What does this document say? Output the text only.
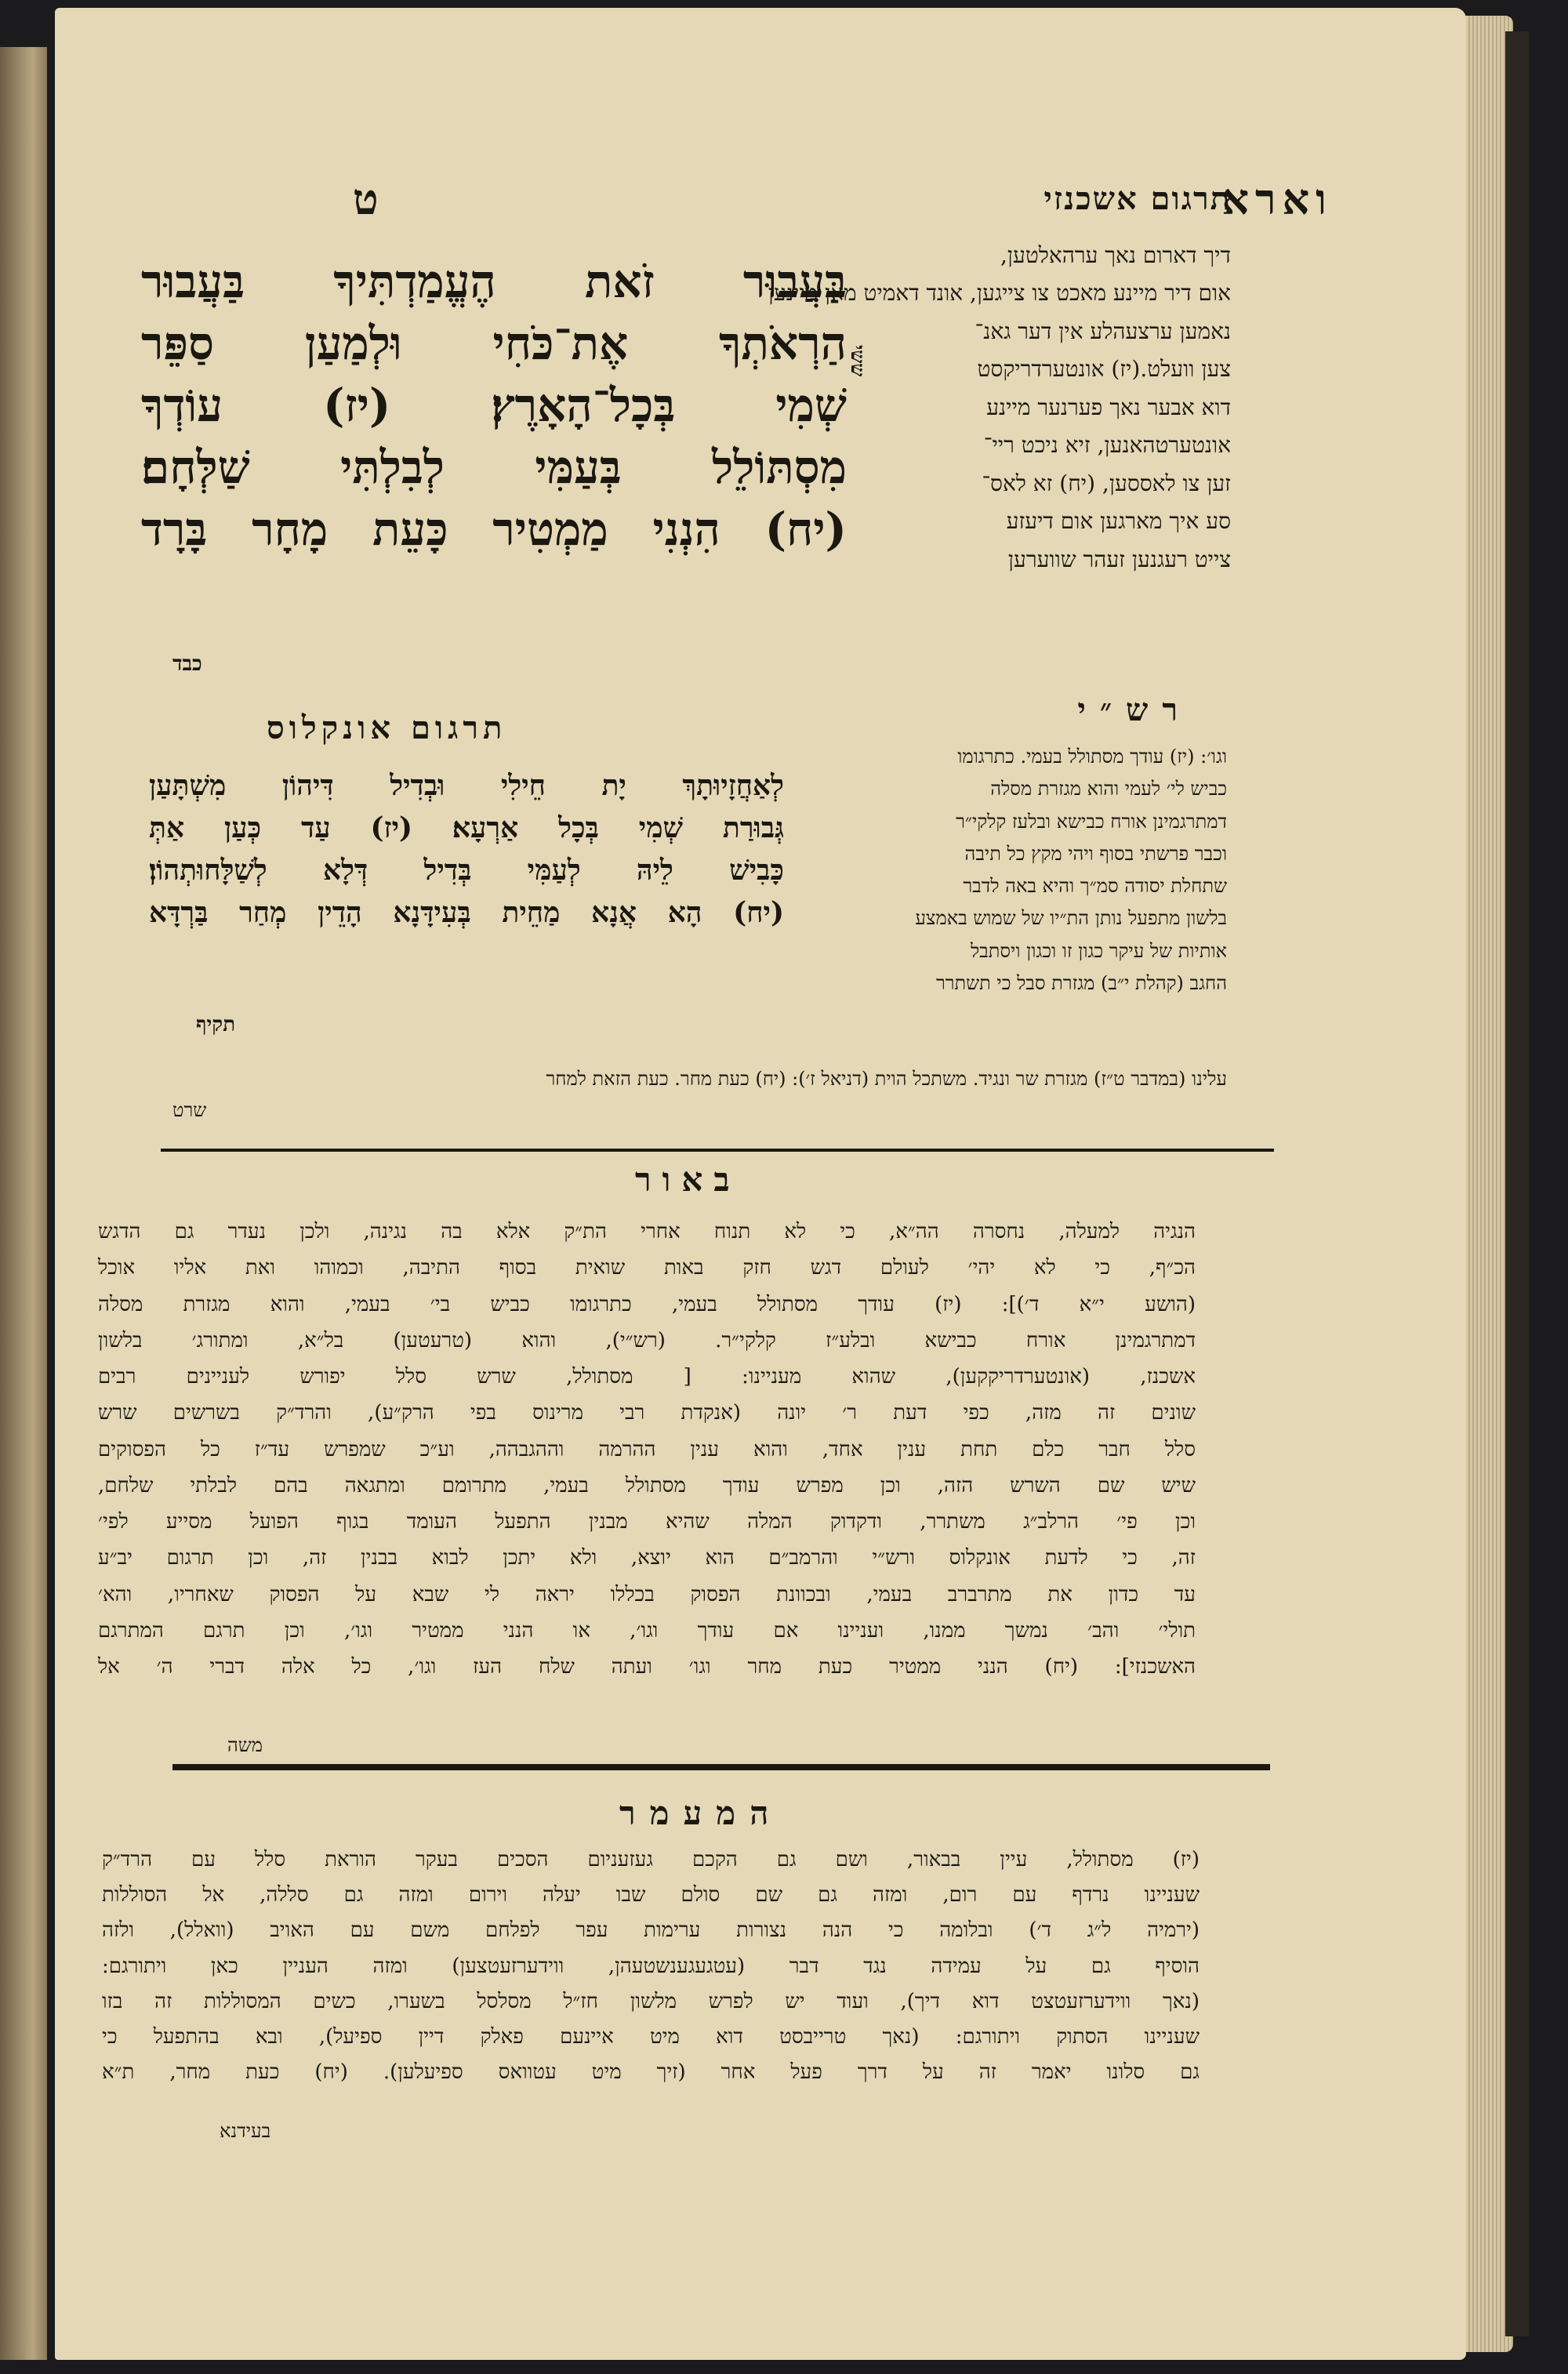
וארא
ט
בַּעֲבוּר זֹאת הֶעֱמַדְתִּיךָ בַּעֲבוּר
הַרְאֹתְךָ אֶת־כֹּחִי וּלְמַעַן סַפֵּר
שְׁמִי בְּכָל־הָאָרֶץ׃ (יז) עוֹדְךָ
מִסְתּוֹלֵל בְּעַמִּי לְבִלְתִּי שַׁלְּחָם׃
(יח) הִנְנִי מַמְטִיר כָּעֵת מָחָר בָּרָד
כבד
ששי
תרגום אשכנזי
דיך דארום נאך ערהאלטען,
אום דיר מיינע מאכט צו צייגען, אונד דאמיט מאן מיינען
נאמען ערצעהלע אין דער גאנ־
צען וועלט.(יז) אונטערדריקסט
דוא אבער נאך פערנער מיינע
אונטערטהאנען, זיא ניכט ריי־
זען צו לאססען, (יח) זא לאס־
סע איך מארגען אום דיעזע
צייט רעגנען זעהר שווערען
תרגום אונקלוס
לְאַחֲזָיוּתָךְ יָת חֵילִי וּבְדִיל דִּיהוֹן מִשְׁתָּעַן
גְּבוּרַת שְׁמִי בְּכָל אַרְעָא׃ (יז) עַד כְּעַן אַתְּ
כָּבִישׁ לֵיהּ לְעַמִּי בְּדִיל דְּלָא לְשַׁלָּחוּתְהוֹן׃
(יח) הָא אֲנָא מַחֵית בְּעִידָּנָא הָדֵין מְחַר בַּרְדָּא
תקיף
רש״י
וגו׳: (יז) עודך מסתולל בעמי. כתרגומו
כביש לי׳ לעמי והוא מגזרת מסלה
דמתרגמינן אורח כבישא ובלעז קלקי״ר
וכבר פרשתי בסוף ויהי מקץ כל תיבה
שתחלת יסודה סמ״ך והיא באה לדבר
בלשון מתפעל נותן הת״יו של שמוש באמצע
אותיות של עיקר כגון זו וכגון ויסתבל
החגב (קהלת י״ב) מגזרת סבל כי תשתרר
עלינו (במדבר ט״ז) מגזרת שר ונגיד. משתכל הוית (דניאל ז׳): (יח) כעת מחר. כעת הזאת למחר
שרט
באור
הנגיה למעלה, נחסרה הה״א, כי לא תנוח אחרי הת״ק אלא בה נגינה, ולכן נעדר גם הדגש
הכ״ף, כי לא יהי׳ לעולם דגש חזק באות שואית בסוף התיבה, וכמוהו ואת אליו אוכל
(הושע י״א ד׳)]: (יז) עודך מסתולל בעמי, כתרגומו כביש בי׳ בעמי, והוא מגזרת מסלה
דמתרגמינן אורח כבישא ובלע״ז קלקי״ר. (רש״י), והוא (טרעטען) בל״א, ומתורג׳ בלשון
אשכנז, (אונטערדריקקען), שהוא מעניינו: [ מסתולל, שרש סלל יפורש לעניינים רבים
שונים זה מזה, כפי דעת ר׳ יונה (אנקדת רבי מרינוס בפי הרק״ע), והרד״ק בשרשים שרש
סלל חבר כלם תחת ענין אחד, והוא ענין ההרמה וההגבהה, וע״כ שמפרש עד״ז כל הפסוקים
שיש שם השרש הזה, וכן מפרש עודך מסתולל בעמי, מתרומם ומתגאה בהם לבלתי שלחם,
וכן פי׳ הרלב״ג משתרר, ודקדוק המלה שהיא מבנין התפעל העומד בגוף הפועל מסייע לפי׳
זה, כי לדעת אונקלוס ורש״י והרמב״ם הוא יוצא, ולא יתכן לבוא בבנין זה, וכן תרגום יב״ע
עד כדון את מתרברב בעמי, ובכוונת הפסוק בכללו יראה לי שבא על הפסוק שאחריו, והא׳
תולי׳ והב׳ נמשך ממנו, ועניינו אם עודך וגו׳, או הנני ממטיר וגו׳, וכן תרגם המתרגם
האשכנזי]: (יח) הנני ממטיר כעת מחר וגו׳ ועתה שלח העז וגו׳, כל אלה דברי ה׳ אל
משה
המעמר
(יז) מסתולל, עיין בבאור, ושם גם הקכם געזעניום הסכים בעקר הוראת סלל עם הרד״ק
שעניינו נרדף עם רום, ומזה גם שם סולם שבו יעלה וירום ומזה גם סללה, אל הסוללות
(ירמיה ל״ג ד׳) ובלומה כי הנה נצורות ערימות עפר לפלחם משם עם האויב (וואלל), ולזה
הוסיף גם על עמידה נגד דבר (עטגעגענשטעהן, ווידערזעטצען) ומזה העניין כאן ויתורגם:
(נאך ווידערזעטצט דוא דיך), ועוד יש לפרש מלשון חז״ל מסלסל בשערו, כשים המסוללות זה בזו
שעניינו הסתוק ויתורגם: (נאך טרייבסט דוא מיט איינעם פאלק דיין ספיעל), ובא בהתפעל כי
גם סלונו יאמר זה על דרך פעל אחר (זיך מיט עטוואס ספיעלען). (יח) כעת מחר, ת״א
בעידנא
